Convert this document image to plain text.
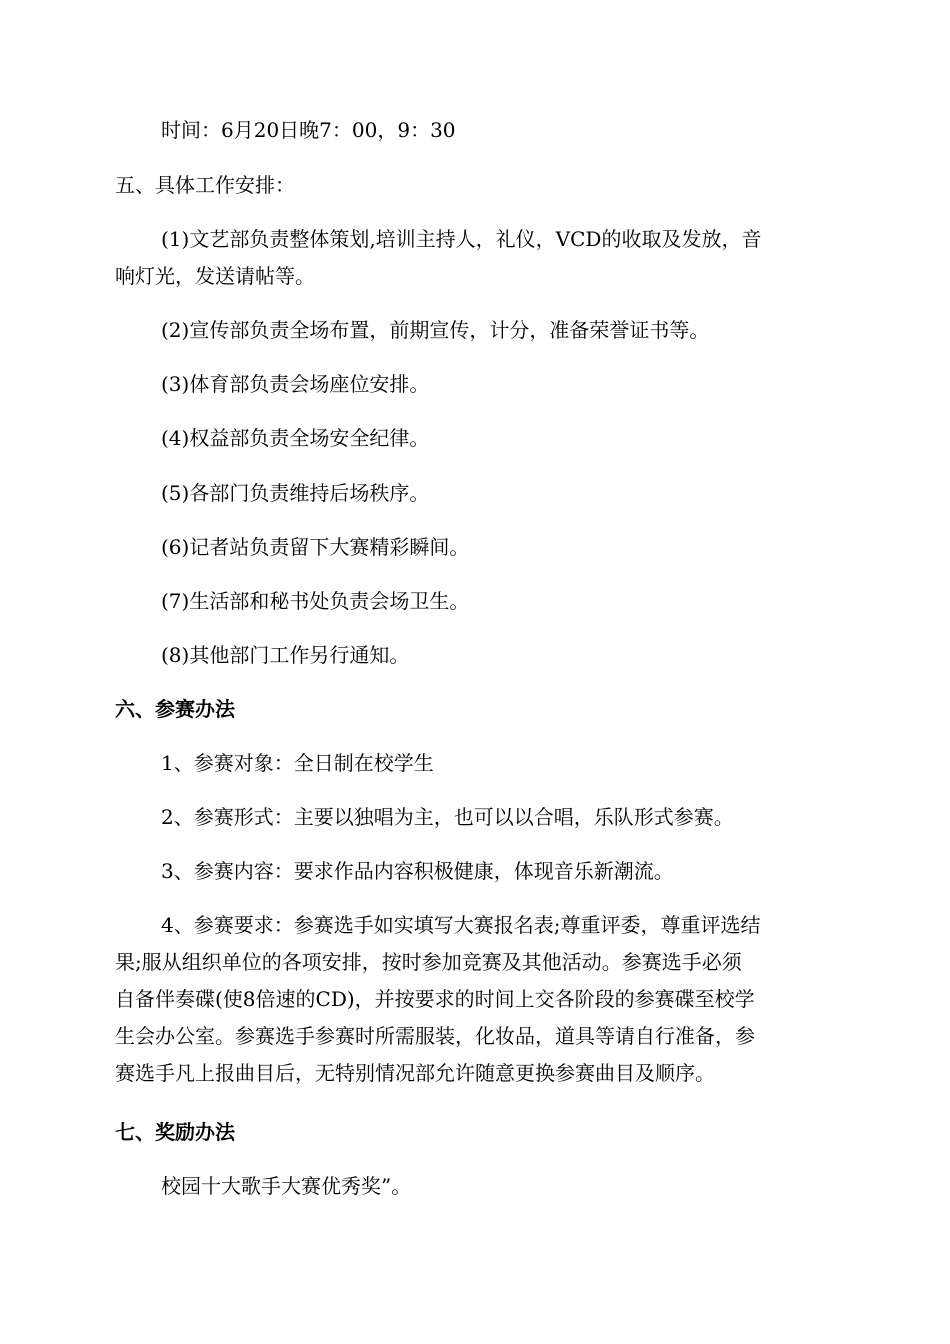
时间：6月20日晚7：00，9：30
五、具体工作安排：
(1)文艺部负责整体策划,培训主持人，礼仪，VCD的收取及发放，音
响灯光，发送请帖等。
(2)宣传部负责全场布置，前期宣传，计分，准备荣誉证书等。
(3)体育部负责会场座位安排。
(4)权益部负责全场安全纪律。
(5)各部门负责维持后场秩序。
(6)记者站负责留下大赛精彩瞬间。
(7)生活部和秘书处负责会场卫生。
(8)其他部门工作另行通知。
六、参赛办法
1、参赛对象：全日制在校学生
2、参赛形式：主要以独唱为主，也可以以合唱，乐队形式参赛。
3、参赛内容：要求作品内容积极健康，体现音乐新潮流。
4、参赛要求：参赛选手如实填写大赛报名表;尊重评委，尊重评选结
果;服从组织单位的各项安排，按时参加竞赛及其他活动。参赛选手必须
自备伴奏碟(使8倍速的CD)，并按要求的时间上交各阶段的参赛碟至校学
生会办公室。参赛选手参赛时所需服装，化妆品，道具等请自行准备，参
赛选手凡上报曲目后，无特别情况部允许随意更换参赛曲目及顺序。
七、奖励办法
校园十大歌手大赛优秀奖”。
